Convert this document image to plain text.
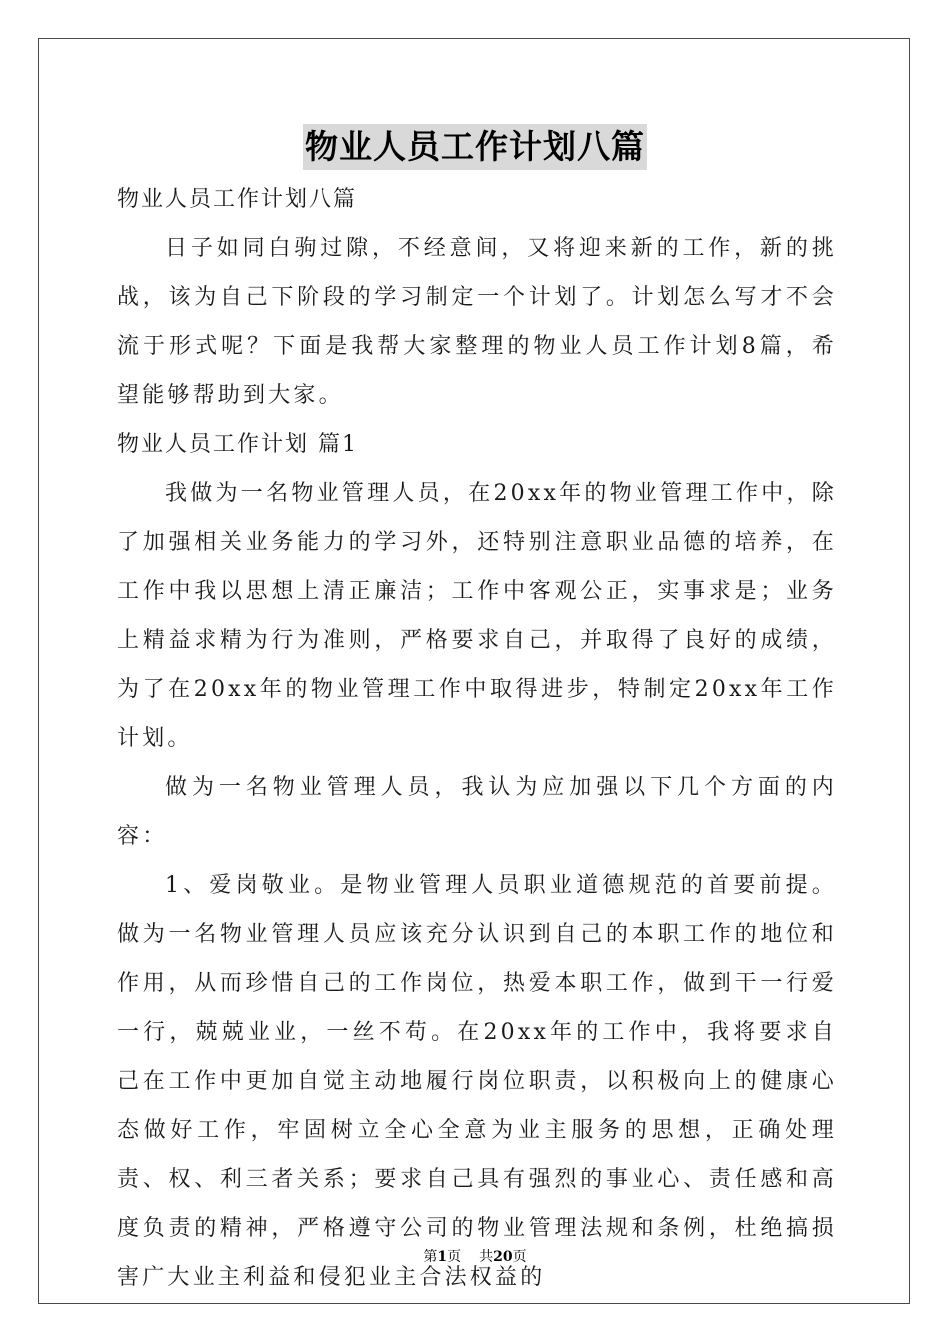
物业人员工作计划八篇

物业人员工作计划八篇

日子如同白驹过隙，不经意间，又将迎来新的工作，新的挑战，该为自己下阶段的学习制定一个计划了。计划怎么写才不会流于形式呢？下面是我帮大家整理的物业人员工作计划8篇，希望能够帮助到大家。

物业人员工作计划 篇1

我做为一名物业管理人员，在20xx年的物业管理工作中，除了加强相关业务能力的学习外，还特别注意职业品德的培养，在工作中我以思想上清正廉洁；工作中客观公正，实事求是；业务上精益求精为行为准则，严格要求自己，并取得了良好的成绩，为了在20xx年的物业管理工作中取得进步，特制定20xx年工作计划。

做为一名物业管理人员，我认为应加强以下几个方面的内容：

1、爱岗敬业。是物业管理人员职业道德规范的首要前提。做为一名物业管理人员应该充分认识到自己的本职工作的地位和作用，从而珍惜自己的工作岗位，热爱本职工作，做到干一行爱一行，兢兢业业，一丝不苟。在20xx年的工作中，我将要求自己在工作中更加自觉主动地履行岗位职责，以积极向上的健康心态做好工作，牢固树立全心全意为业主服务的思想，正确处理责、权、利三者关系；要求自己具有强烈的事业心、责任感和高度负责的精神，严格遵守公司的物业管理法规和条例，杜绝搞损害广大业主利益和侵犯业主合法权益的

第1页 共20页
